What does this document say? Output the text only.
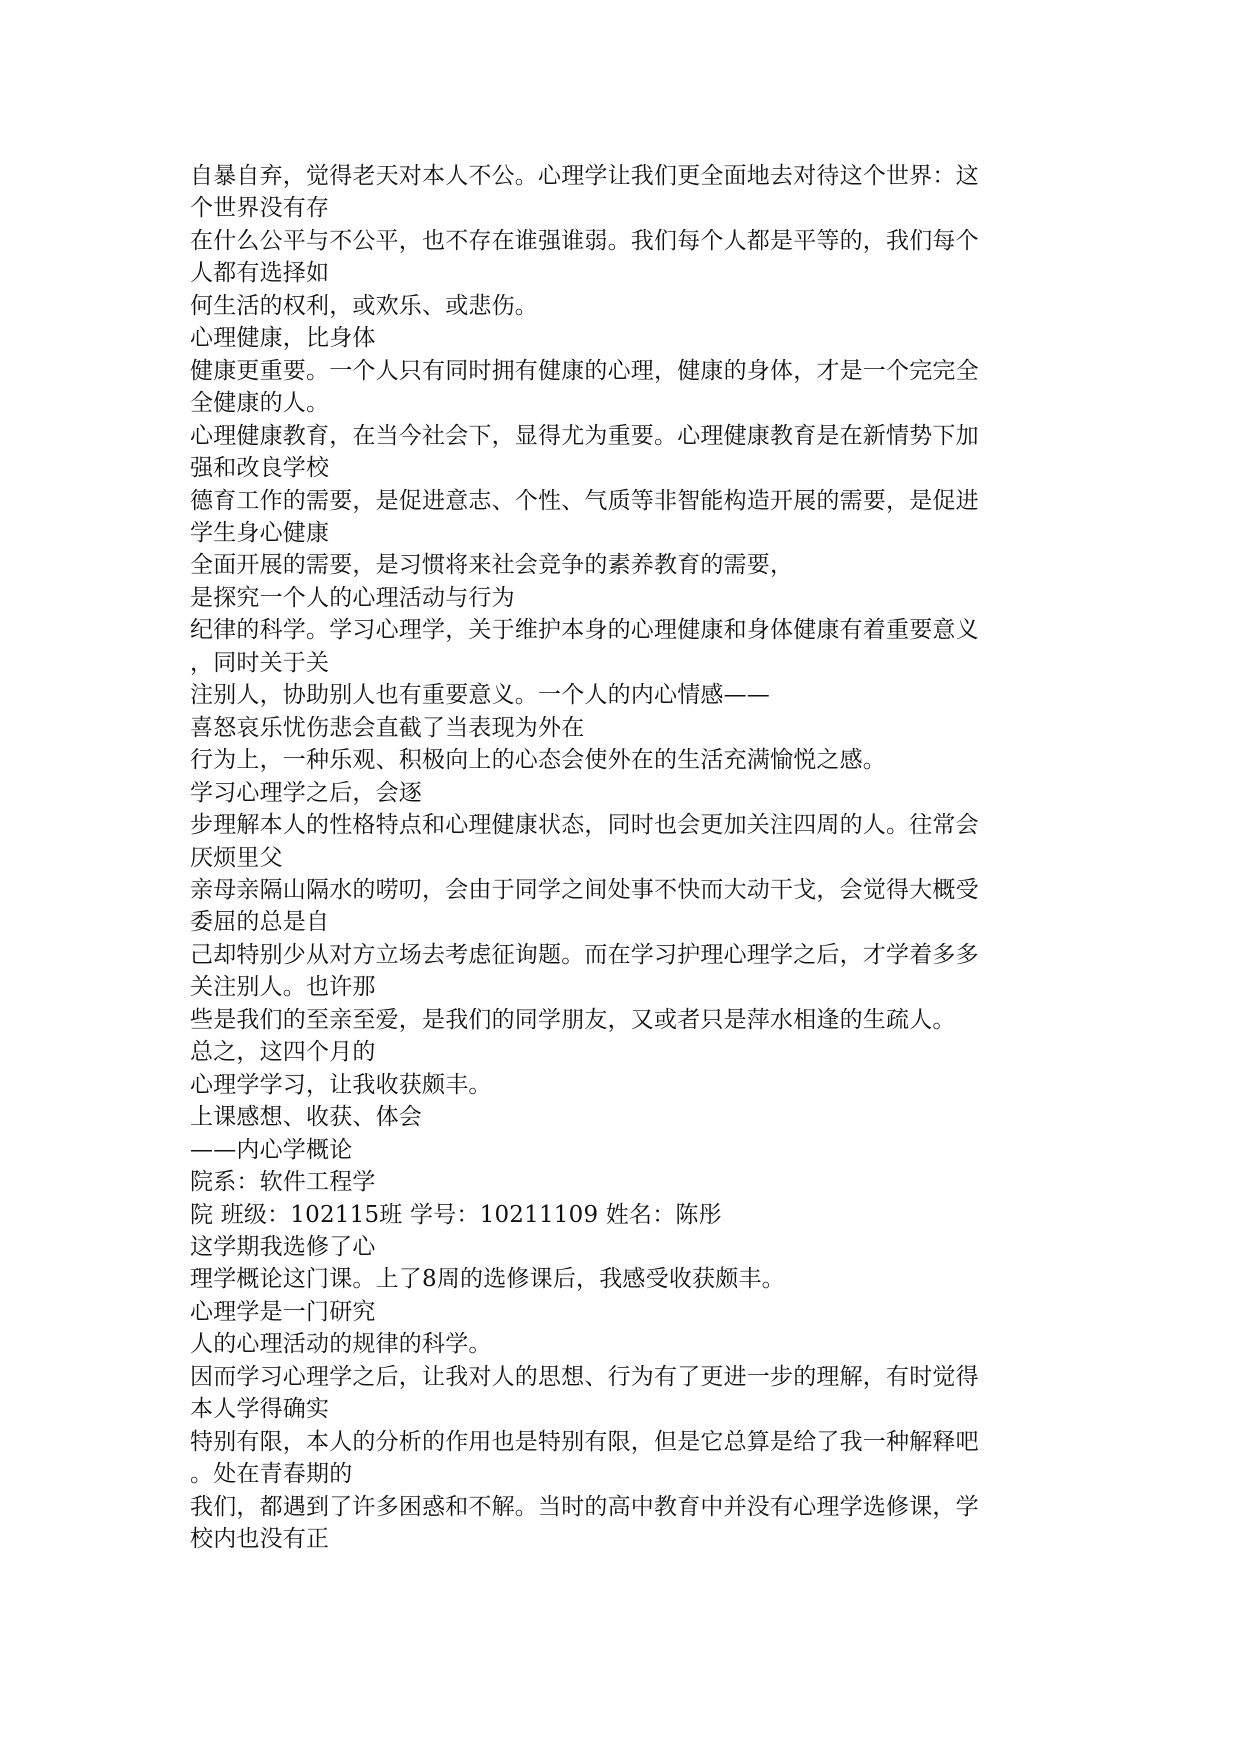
自暴自弃，觉得老天对本人不公。心理学让我们更全面地去对待这个世界：这
个世界没有存
在什么公平与不公平，也不存在谁强谁弱。我们每个人都是平等的，我们每个
人都有选择如
何生活的权利，或欢乐、或悲伤。
心理健康，比身体
健康更重要。一个人只有同时拥有健康的心理，健康的身体，才是一个完完全
全健康的人。
心理健康教育，在当今社会下，显得尤为重要。心理健康教育是在新情势下加
强和改良学校
德育工作的需要，是促进意志、个性、气质等非智能构造开展的需要，是促进
学生身心健康
全面开展的需要，是习惯将来社会竞争的素养教育的需要，
是探究一个人的心理活动与行为
纪律的科学。学习心理学，关于维护本身的心理健康和身体健康有着重要意义
，同时关于关
注别人，协助别人也有重要意义。一个人的内心情感——
喜怒哀乐忧伤悲会直截了当表现为外在
行为上，一种乐观、积极向上的心态会使外在的生活充满愉悦之感。
学习心理学之后，会逐
步理解本人的性格特点和心理健康状态，同时也会更加关注四周的人。往常会
厌烦里父
亲母亲隔山隔水的唠叨，会由于同学之间处事不快而大动干戈，会觉得大概受
委屈的总是自
己却特别少从对方立场去考虑征询题。而在学习护理心理学之后，才学着多多
关注别人。也许那
些是我们的至亲至爱，是我们的同学朋友，又或者只是萍水相逢的生疏人。
总之，这四个月的
心理学学习，让我收获颇丰。
上课感想、收获、体会
——内心学概论
院系：软件工程学
院 班级：102115班 学号：10211109 姓名：陈彤
这学期我选修了心
理学概论这门课。上了8周的选修课后，我感受收获颇丰。
心理学是一门研究
人的心理活动的规律的科学。
因而学习心理学之后，让我对人的思想、行为有了更进一步的理解，有时觉得
本人学得确实
特别有限，本人的分析的作用也是特别有限，但是它总算是给了我一种解释吧
。处在青春期的
我们，都遇到了许多困惑和不解。当时的高中教育中并没有心理学选修课，学
校内也没有正
